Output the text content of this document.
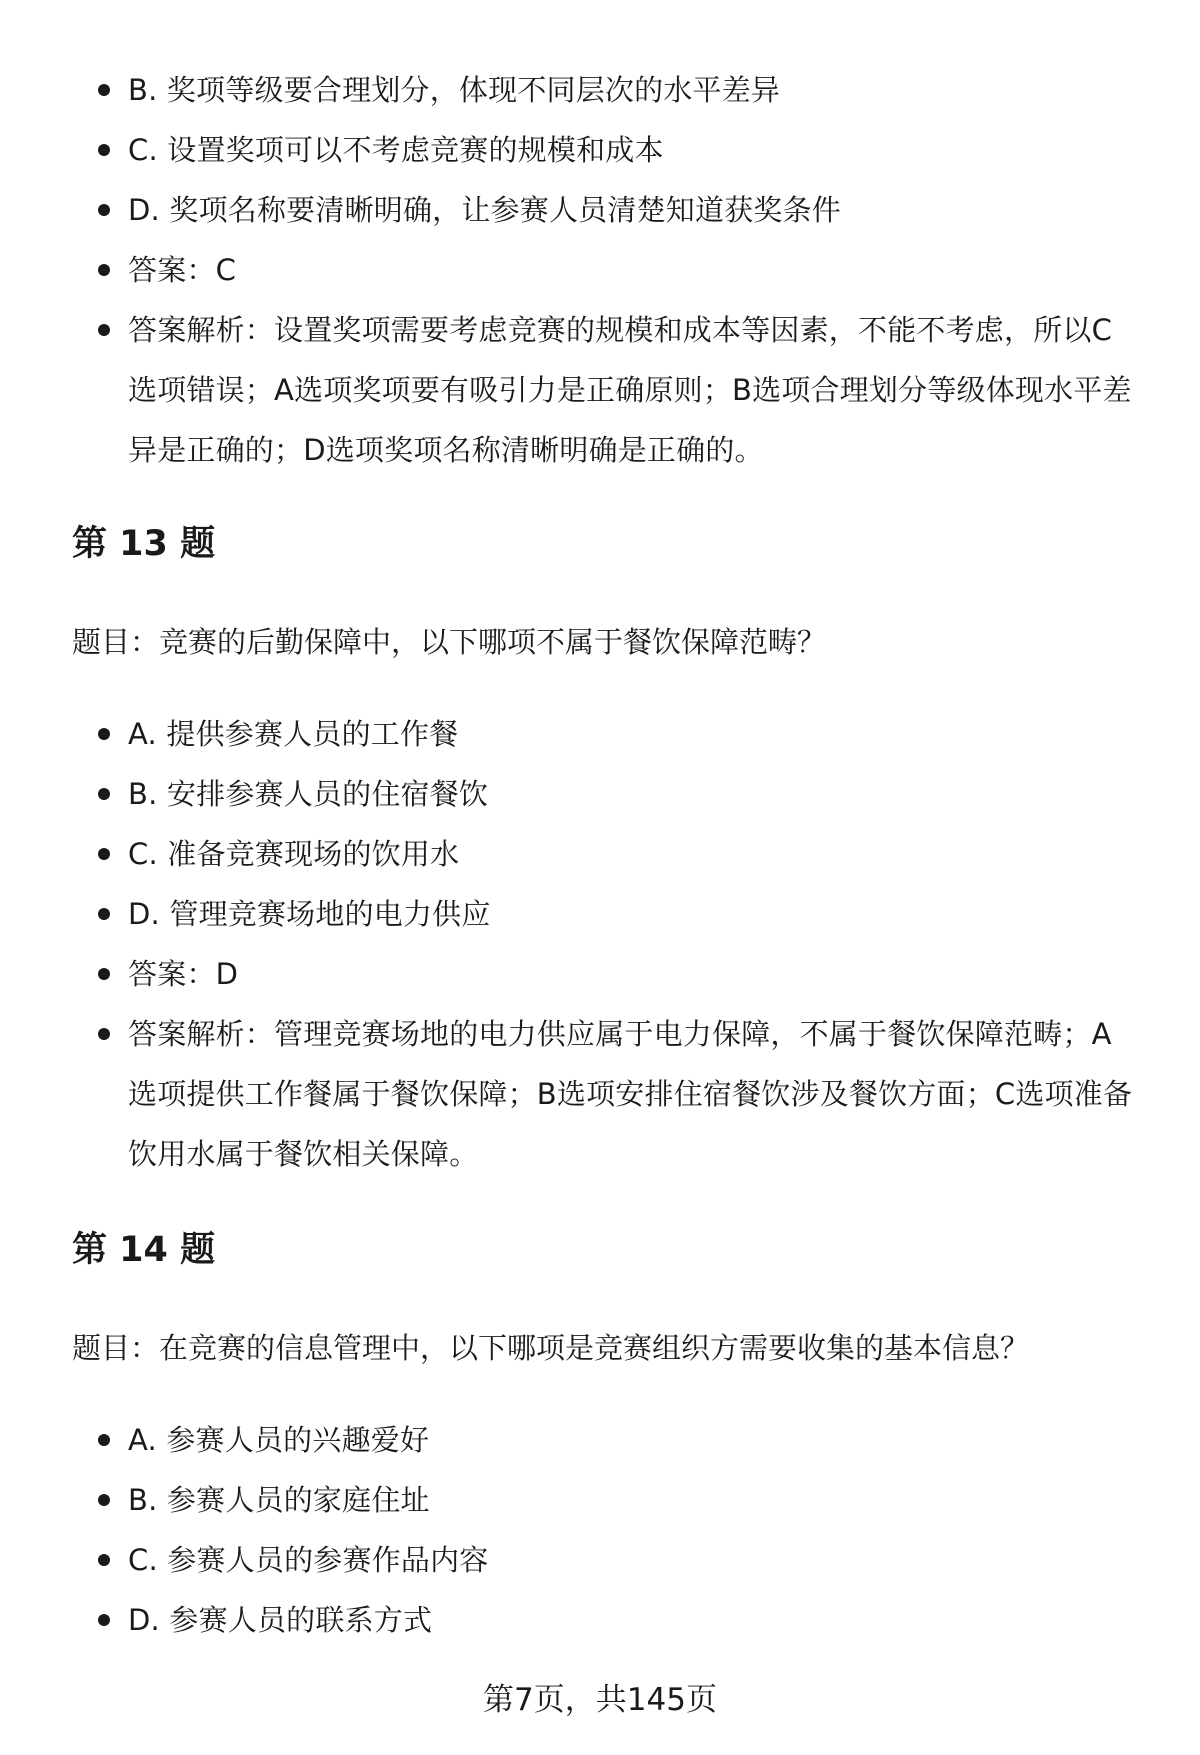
B. 奖项等级要合理划分，体现不同层次的水平差异
C. 设置奖项可以不考虑竞赛的规模和成本
D. 奖项名称要清晰明确，让参赛人员清楚知道获奖条件
答案：C
答案解析：设置奖项需要考虑竞赛的规模和成本等因素，不能不考虑，所以C
选项错误；A选项奖项要有吸引力是正确原则；B选项合理划分等级体现水平差
异是正确的；D选项奖项名称清晰明确是正确的。
第 13 题
题目：竞赛的后勤保障中，以下哪项不属于餐饮保障范畴？
A. 提供参赛人员的工作餐
B. 安排参赛人员的住宿餐饮
C. 准备竞赛现场的饮用水
D. 管理竞赛场地的电力供应
答案：D
答案解析：管理竞赛场地的电力供应属于电力保障，不属于餐饮保障范畴；A
选项提供工作餐属于餐饮保障；B选项安排住宿餐饮涉及餐饮方面；C选项准备
饮用水属于餐饮相关保障。
第 14 题
题目：在竞赛的信息管理中，以下哪项是竞赛组织方需要收集的基本信息？
A. 参赛人员的兴趣爱好
B. 参赛人员的家庭住址
C. 参赛人员的参赛作品内容
D. 参赛人员的联系方式
第7页，共145页
